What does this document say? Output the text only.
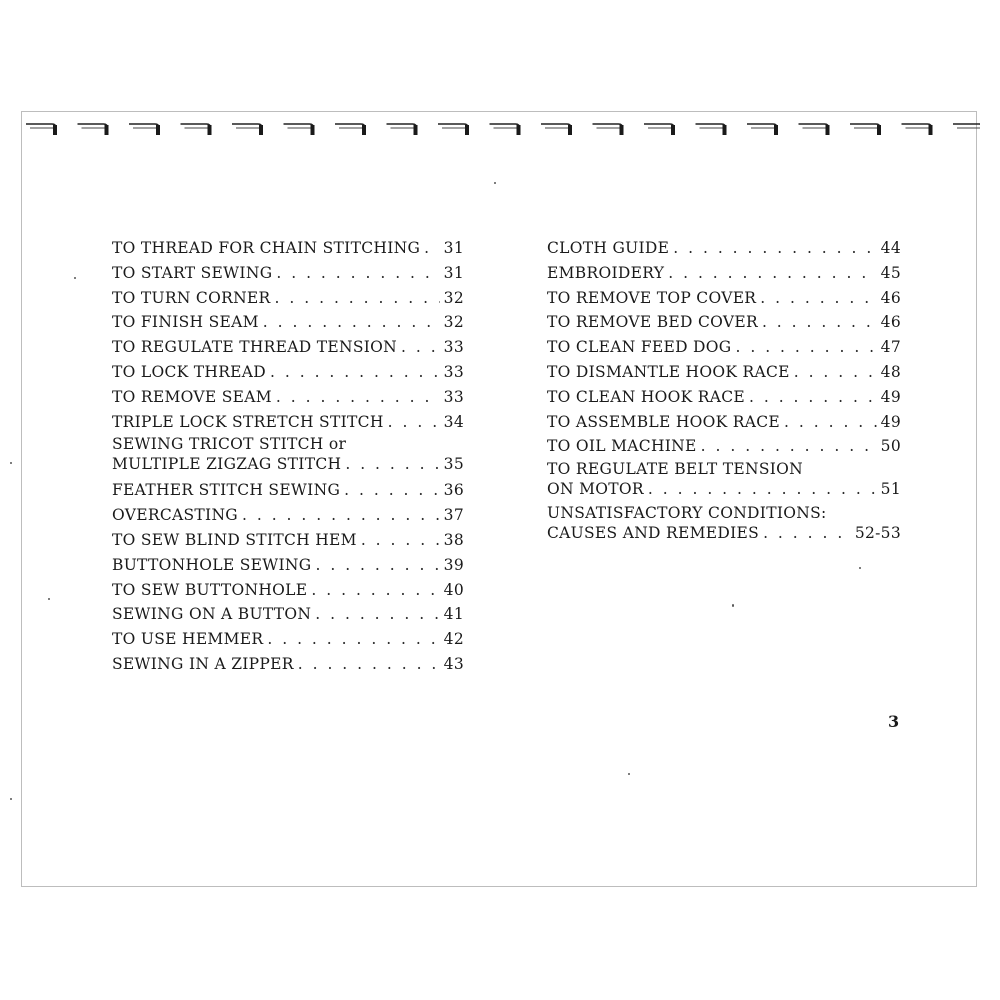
TO THREAD FOR CHAIN STITCHING . . . 31
TO START SEWING . . .	31
TO TURN CORNER . . .	32
TO FINISH SEAM . . .	32
TO REGULATE THREAD TENSION . . .	33
TO LOCK THREAD . . .	33
TO REMOVE SEAM . . .	33
TRIPLE LOCK STRETCH STITCH . . .	34
SEWING TRICOT STITCH or
MULTIPLE ZIGZAG STITCH . . .	35
FEATHER STITCH SEWING . . .	36
OVERCASTING . . .	37
TO SEW BLIND STITCH HEM . . .	38
BUTTONHOLE SEWING . . .	39
TO SEW BUTTONHOLE . . .	40
SEWING ON A BUTTON . . .	41
TO USE HEMMER . . .	42
SEWING IN A ZIPPER . . .	43
CLOTH GUIDE . . .	44
EMBROIDERY . . .	45
TO REMOVE TOP COVER . . .	46
TO REMOVE BED COVER . . .	46
TO CLEAN FEED DOG . . .	47
TO DISMANTLE HOOK RACE . . .	48
TO CLEAN HOOK RACE . . .	49
TO ASSEMBLE HOOK RACE . . .	49
TO OIL MACHINE . . .	50
TO REGULATE BELT TENSION
ON MOTOR . . .	51
UNSATISFACTORY CONDITIONS:
CAUSES AND REMEDIES . . .	52-53
3
